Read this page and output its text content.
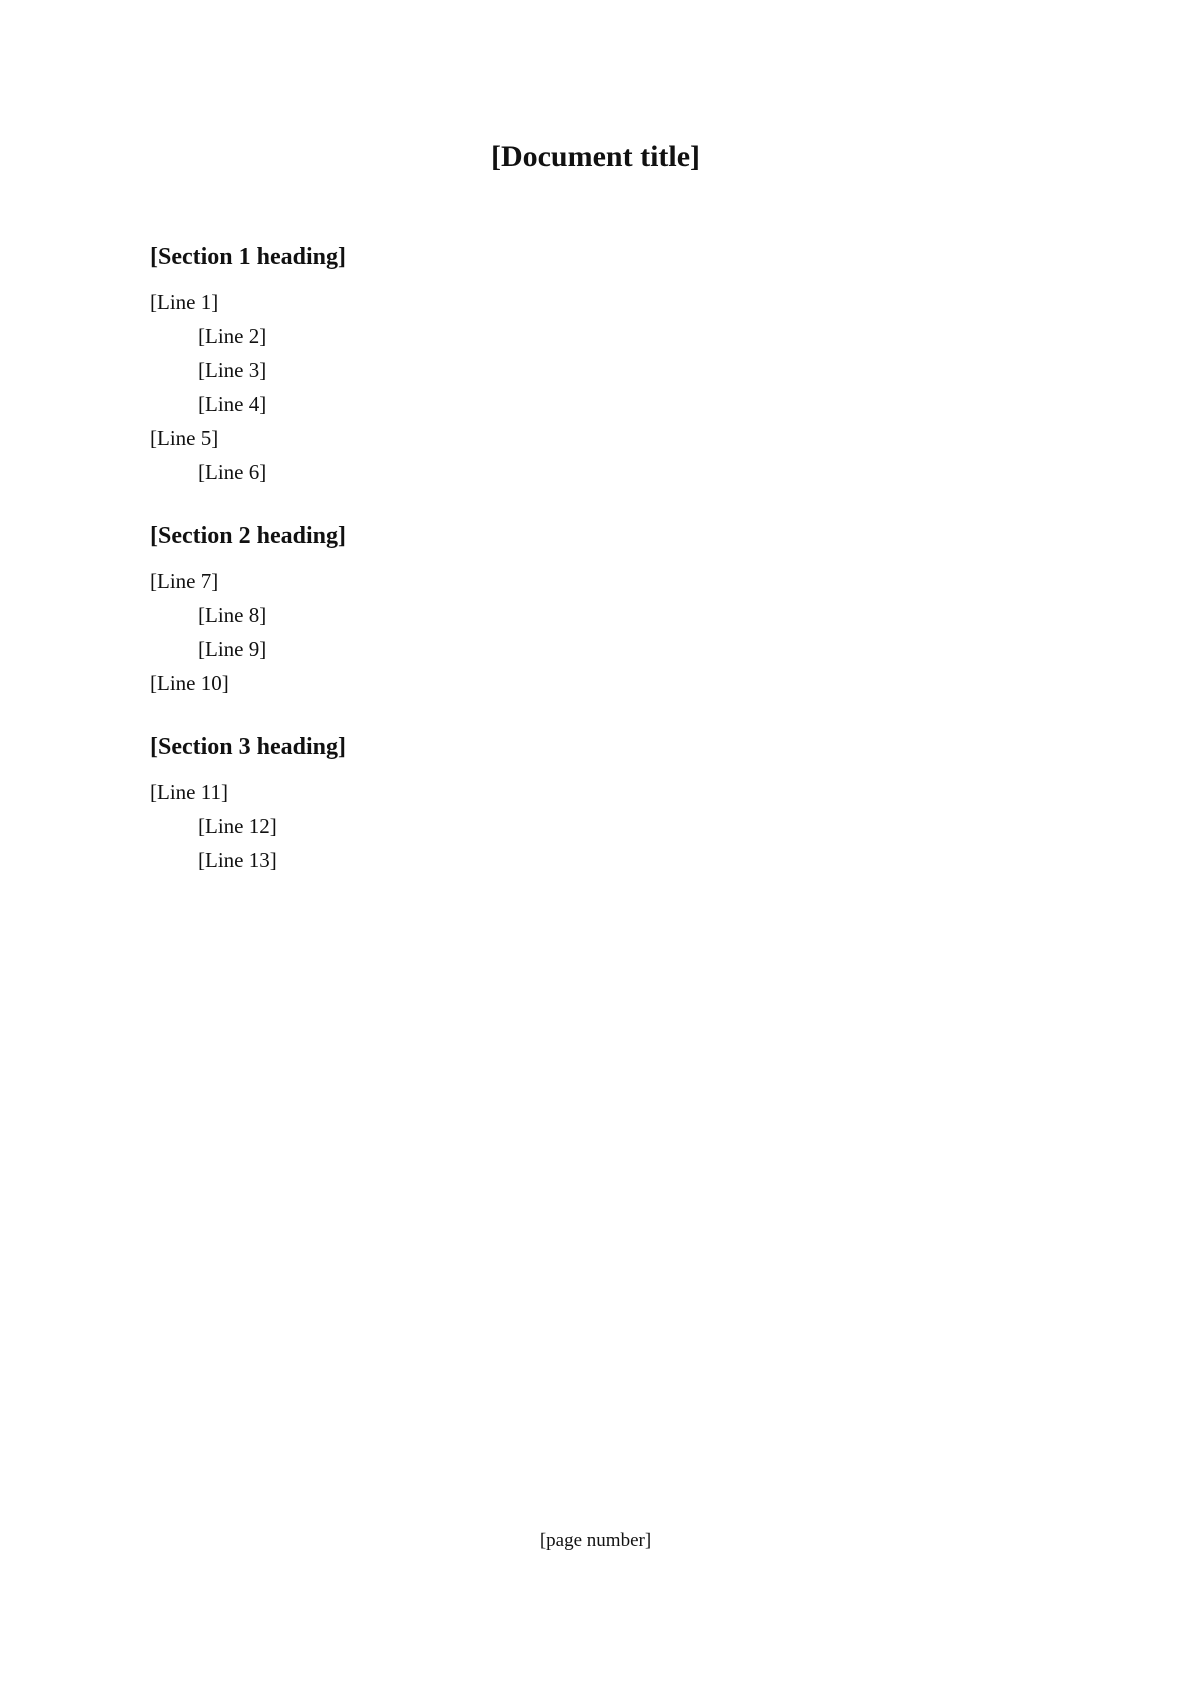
[Document title]
[Section 1 heading]

[Line 1]

[Line 2]

[Line 3]

[Line 4]

[Line 5]

[Line 6]

[Section 2 heading]

[Line 7]

[Line 8]

[Line 9]

[Line 10]

[Section 3 heading]

[Line 11]

[Line 12]

[Line 13]

[page number]
